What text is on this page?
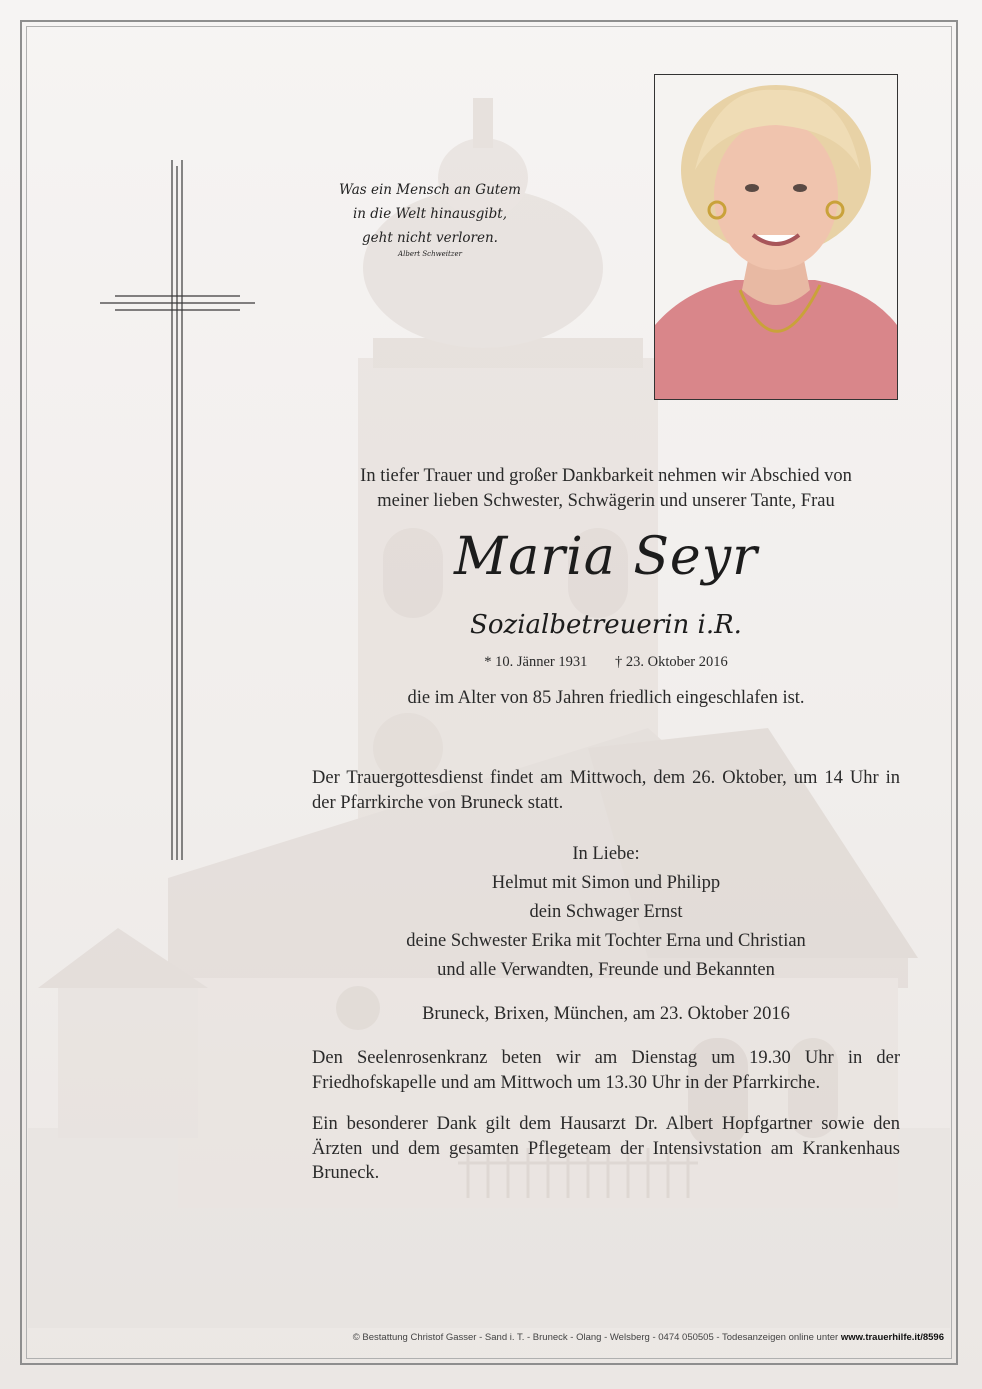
Was ein Mensch an Gutem
in die Welt hinausgibt,
geht nicht verloren.
Albert Schweitzer
In tiefer Trauer und großer Dankbarkeit nehmen wir Abschied von
meiner lieben Schwester, Schwägerin und unserer Tante, Frau
Maria Seyr
Sozialbetreuerin i.R.
* 10. Jänner 1931 † 23. Oktober 2016
die im Alter von 85 Jahren friedlich eingeschlafen ist.
Der Trauergottesdienst findet am Mittwoch, dem 26. Oktober, um 14 Uhr in der Pfarrkirche von Bruneck statt.
In Liebe:
Helmut mit Simon und Philipp
dein Schwager Ernst
deine Schwester Erika mit Tochter Erna und Christian
und alle Verwandten, Freunde und Bekannten
Bruneck, Brixen, München, am 23. Oktober 2016
Den Seelenrosenkranz beten wir am Dienstag um 19.30 Uhr in der Friedhofskapelle und am Mittwoch um 13.30 Uhr in der Pfarrkirche.
Ein besonderer Dank gilt dem Hausarzt Dr. Albert Hopfgartner sowie den Ärzten und dem gesamten Pflegeteam der Intensivstation am Krankenhaus Bruneck.
© Bestattung Christof Gasser - Sand i. T. - Bruneck - Olang - Welsberg - 0474 050505 - Todesanzeigen online unter www.trauerhilfe.it/8596
